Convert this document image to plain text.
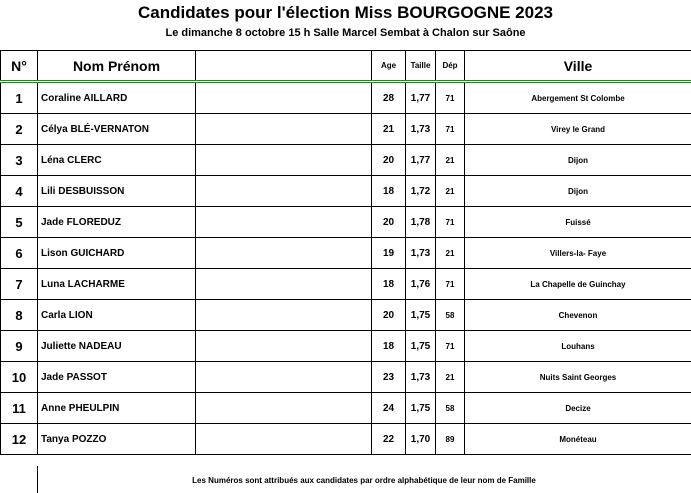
Candidates pour l'élection Miss BOURGOGNE 2023
Le dimanche 8 octobre 15 h Salle Marcel Sembat à Chalon sur Saône
N°	Nom Prénom		Age	Taille	Dép	Ville
1	Coraline AILLARD		28	1,77	71	Abergement St Colombe
2	Célya BLÉ-VERNATON		21	1,73	71	Virey le Grand
3	Léna CLERC		20	1,77	21	Dijon
4	Lili DESBUISSON		18	1,72	21	Dijon
5	Jade FLOREDUZ		20	1,78	71	Fuissé
6	Lison GUICHARD		19	1,73	21	Villers-la- Faye
7	Luna LACHARME		18	1,76	71	La Chapelle de Guinchay
8	Carla LION		20	1,75	58	Chevenon
9	Juliette NADEAU		18	1,75	71	Louhans
10	Jade PASSOT		23	1,73	21	Nuits Saint Georges
11	Anne PHEULPIN		24	1,75	58	Decize
12	Tanya POZZO		22	1,70	89	Monéteau
Les Numéros sont attribués aux candidates par ordre alphabétique de leur nom de Famille
